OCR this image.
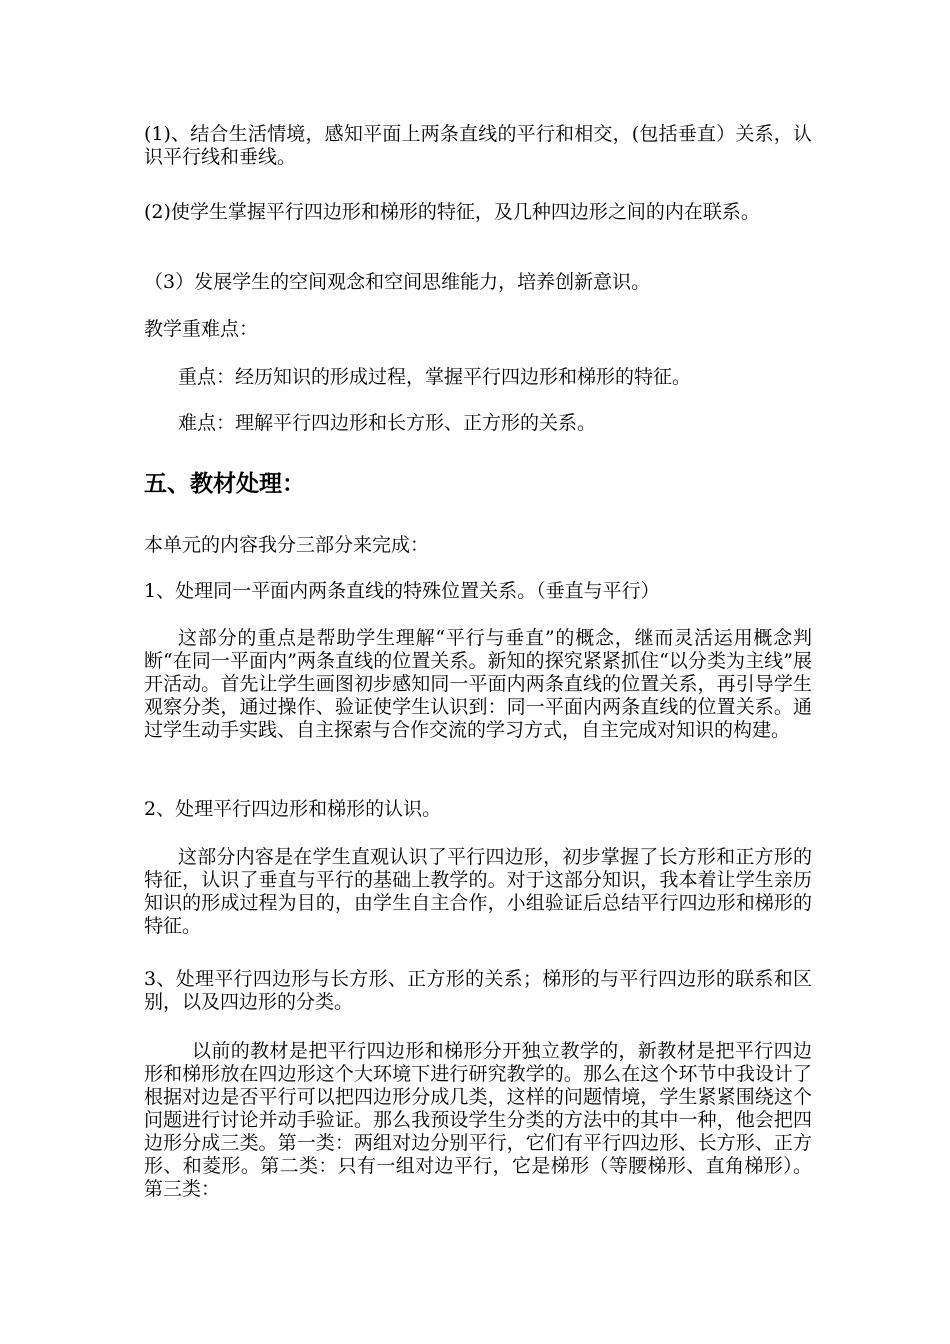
(1)、结合生活情境，感知平面上两条直线的平行和相交，(包括垂直）关系，认识平行线和垂线。

(2)使学生掌握平行四边形和梯形的特征，及几种四边形之间的内在联系。

（3）发展学生的空间观念和空间思维能力，培养创新意识。

教学重难点：

重点：经历知识的形成过程，掌握平行四边形和梯形的特征。

难点：理解平行四边形和长方形、正方形的关系。

五、教材处理：

本单元的内容我分三部分来完成：

1、处理同一平面内两条直线的特殊位置关系。（垂直与平行）

这部分的重点是帮助学生理解“平行与垂直”的概念，继而灵活运用概念判断“在同一平面内”两条直线的位置关系。新知的探究紧紧抓住“以分类为主线”展开活动。首先让学生画图初步感知同一平面内两条直线的位置关系，再引导学生观察分类，通过操作、验证使学生认识到：同一平面内两条直线的位置关系。通过学生动手实践、自主探索与合作交流的学习方式，自主完成对知识的构建。

2、处理平行四边形和梯形的认识。

这部分内容是在学生直观认识了平行四边形，初步掌握了长方形和正方形的特征，认识了垂直与平行的基础上教学的。对于这部分知识，我本着让学生亲历知识的形成过程为目的，由学生自主合作，小组验证后总结平行四边形和梯形的特征。

3、处理平行四边形与长方形、正方形的关系；梯形的与平行四边形的联系和区别，以及四边形的分类。

以前的教材是把平行四边形和梯形分开独立教学的，新教材是把平行四边形和梯形放在四边形这个大环境下进行研究教学的。那么在这个环节中我设计了根据对边是否平行可以把四边形分成几类，这样的问题情境，学生紧紧围绕这个问题进行讨论并动手验证。那么我预设学生分类的方法中的其中一种，他会把四边形分成三类。第一类：两组对边分别平行，它们有平行四边形、长方形、正方形、和菱形。第二类：只有一组对边平行，它是梯形（等腰梯形、直角梯形）。第三类：
